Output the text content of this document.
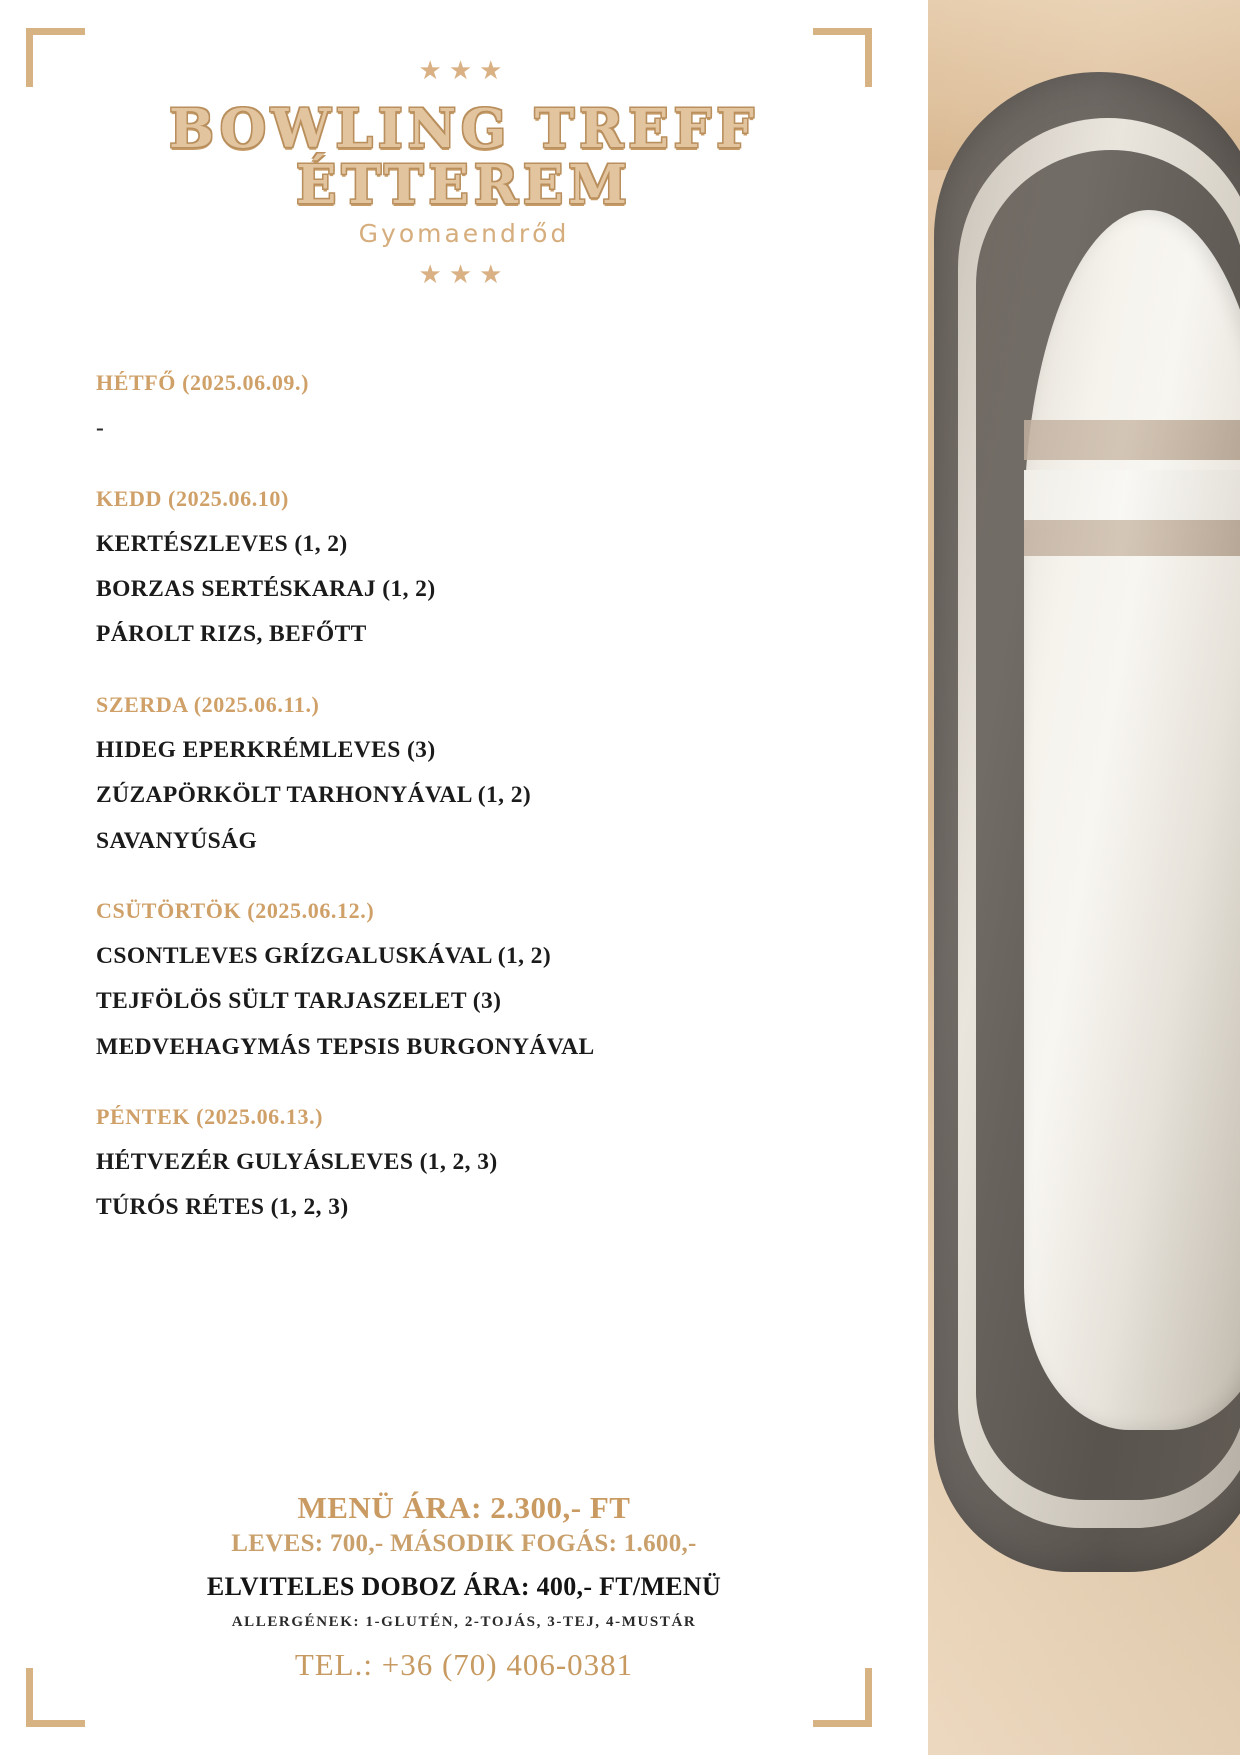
★★★
BOWLING TREFF
ÉTTEREM
Gyomaendrőd
★★★
HÉTFŐ (2025.06.09.)
-
KEDD (2025.06.10)
KERTÉSZLEVES (1, 2)
BORZAS SERTÉSKARAJ (1, 2)
PÁROLT RIZS, BEFŐTT
SZERDA (2025.06.11.)
HIDEG EPERKRÉMLEVES (3)
ZÚZAPÖRKÖLT TARHONYÁVAL (1, 2)
SAVANYÚSÁG
CSÜTÖRTÖK (2025.06.12.)
CSONTLEVES GRÍZGALUSKÁVAL (1, 2)
TEJFÖLÖS SÜLT TARJASZELET (3)
MEDVEHAGYMÁS TEPSIS BURGONYÁVAL
PÉNTEK (2025.06.13.)
HÉTVEZÉR GULYÁSLEVES (1, 2, 3)
TÚRÓS RÉTES (1, 2, 3)
MENÜ ÁRA: 2.300,- FT
LEVES: 700,- MÁSODIK FOGÁS: 1.600,-
ELVITELES DOBOZ ÁRA: 400,- FT/MENÜ
ALLERGÉNEK: 1-GLUTÉN, 2-TOJÁS, 3-TEJ, 4-MUSTÁR
TEL.: +36 (70) 406-0381
